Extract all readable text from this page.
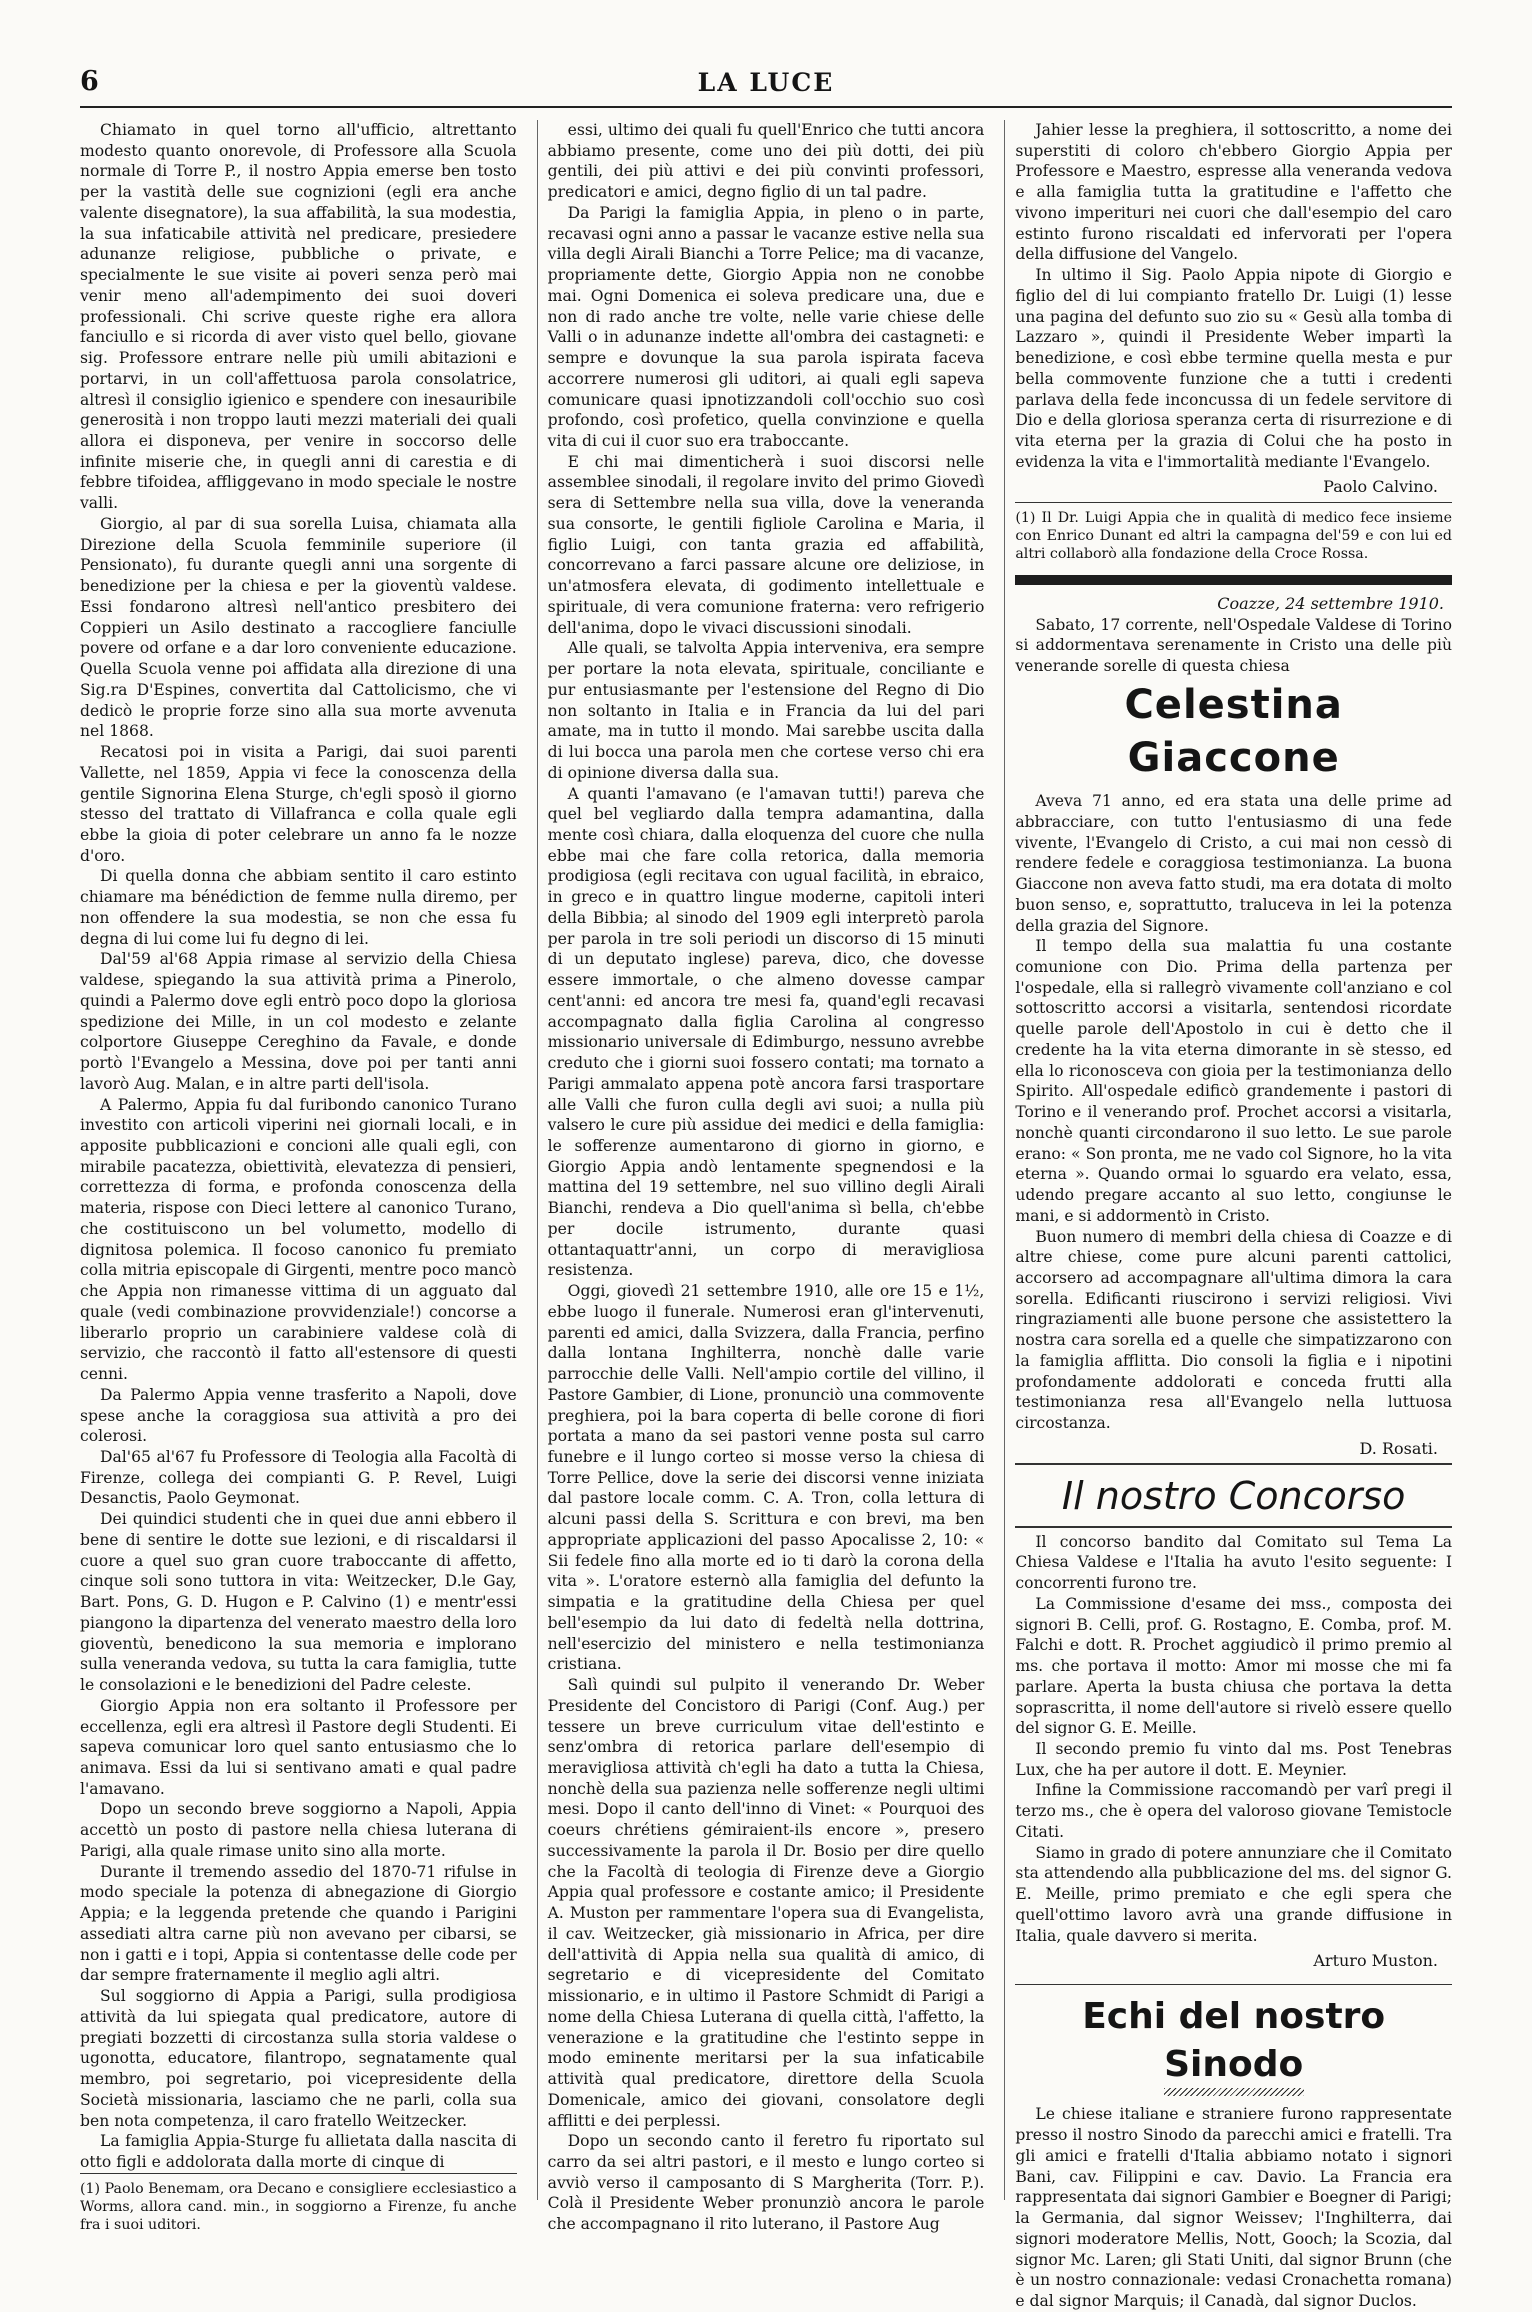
6	LA LUCE

Chiamato in quel torno all'ufficio, altrettanto modesto quanto onorevole, di Professore alla Scuola normale di Torre P., il nostro Appia emerse ben tosto per la vastità delle sue cognizioni (egli era anche valente disegnatore), la sua affabilità, la sua modestia, la sua infaticabile attività nel predicare, presiedere adunanze religiose, pubbliche o private, e specialmente le sue visite ai poveri senza però mai venir meno all'adempimento dei suoi doveri professionali. Chi scrive queste righe era allora fanciullo e si ricorda di aver visto quel bello, giovane sig. Professore entrare nelle più umili abitazioni e portarvi, in un coll'affettuosa parola consolatrice, altresì il consiglio igienico e spendere con inesauribile generosità i non troppo lauti mezzi materiali dei quali allora ei disponeva, per venire in soccorso delle infinite miserie che, in quegli anni di carestia e di febbre tifoidea, affliggevano in modo speciale le nostre valli.

Giorgio, al par di sua sorella Luisa, chiamata alla Direzione della Scuola femminile superiore (il Pensionato), fu durante quegli anni una sorgente di benedizione per la chiesa e per la gioventù valdese. Essi fondarono altresì nell'antico presbitero dei Coppieri un Asilo destinato a raccogliere fanciulle povere od orfane e a dar loro conveniente educazione. Quella Scuola venne poi affidata alla direzione di una Sig.ra D'Espines, convertita dal Cattolicismo, che vi dedicò le proprie forze sino alla sua morte avvenuta nel 1868.

Recatosi poi in visita a Parigi, dai suoi parenti Vallette, nel 1859, Appia vi fece la conoscenza della gentile Signorina Elena Sturge, ch'egli sposò il giorno stesso del trattato di Villafranca e colla quale egli ebbe la gioia di poter celebrare un anno fa le nozze d'oro.

Di quella donna che abbiam sentito il caro estinto chiamare ma bénédiction de femme nulla diremo, per non offendere la sua modestia, se non che essa fu degna di lui come lui fu degno di lei.

Dal'59 al'68 Appia rimase al servizio della Chiesa valdese, spiegando la sua attività prima a Pinerolo, quindi a Palermo dove egli entrò poco dopo la gloriosa spedizione dei Mille, in un col modesto e zelante colportore Giuseppe Cereghino da Favale, e donde portò l'Evangelo a Messina, dove poi per tanti anni lavorò Aug. Malan, e in altre parti dell'isola.

A Palermo, Appia fu dal furibondo canonico Turano investito con articoli viperini nei giornali locali, e in apposite pubblicazioni e concioni alle quali egli, con mirabile pacatezza, obiettività, elevatezza di pensieri, correttezza di forma, e profonda conoscenza della materia, rispose con Dieci lettere al canonico Turano, che costituiscono un bel volumetto, modello di dignitosa polemica. Il focoso canonico fu premiato colla mitria episcopale di Girgenti, mentre poco mancò che Appia non rimanesse vittima di un agguato dal quale (vedi combinazione provvidenziale!) concorse a liberarlo proprio un carabiniere valdese colà di servizio, che raccontò il fatto all'estensore di questi cenni.

Da Palermo Appia venne trasferito a Napoli, dove spese anche la coraggiosa sua attività a pro dei colerosi.

Dal'65 al'67 fu Professore di Teologia alla Facoltà di Firenze, collega dei compianti G. P. Revel, Luigi Desanctis, Paolo Geymonat.

Dei quindici studenti che in quei due anni ebbero il bene di sentire le dotte sue lezioni, e di riscaldarsi il cuore a quel suo gran cuore traboccante di affetto, cinque soli sono tuttora in vita: Weitzecker, D.le Gay, Bart. Pons, G. D. Hugon e P. Calvino (1) e mentr'essi piangono la dipartenza del venerato maestro della loro gioventù, benedicono la sua memoria e implorano sulla veneranda vedova, su tutta la cara famiglia, tutte le consolazioni e le benedizioni del Padre celeste.

Giorgio Appia non era soltanto il Professore per eccellenza, egli era altresì il Pastore degli Studenti. Ei sapeva comunicar loro quel santo entusiasmo che lo animava. Essi da lui si sentivano amati e qual padre l'amavano.

Dopo un secondo breve soggiorno a Napoli, Appia accettò un posto di pastore nella chiesa luterana di Parigi, alla quale rimase unito sino alla morte.

Durante il tremendo assedio del 1870-71 rifulse in modo speciale la potenza di abnegazione di Giorgio Appia; e la leggenda pretende che quando i Parigini assediati altra carne più non avevano per cibarsi, se non i gatti e i topi, Appia si contentasse delle code per dar sempre fraternamente il meglio agli altri.

Sul soggiorno di Appia a Parigi, sulla prodigiosa attività da lui spiegata qual predicatore, autore di pregiati bozzetti di circostanza sulla storia valdese o ugonotta, educatore, filantropo, segnatamente qual membro, poi segretario, poi vicepresidente della Società missionaria, lasciamo che ne parli, colla sua ben nota competenza, il caro fratello Weitzecker.

La famiglia Appia-Sturge fu allietata dalla nascita di otto figli e addolorata dalla morte di cinque di

(1) Paolo Benemam, ora Decano e consigliere ecclesiastico a Worms, allora cand. min., in soggiorno a Firenze, fu anche fra i suoi uditori.

essi, ultimo dei quali fu quell'Enrico che tutti ancora abbiamo presente, come uno dei più dotti, dei più gentili, dei più attivi e dei più convinti professori, predicatori e amici, degno figlio di un tal padre.

Da Parigi la famiglia Appia, in pleno o in parte, recavasi ogni anno a passar le vacanze estive nella sua villa degli Airali Bianchi a Torre Pelice; ma di vacanze, propriamente dette, Giorgio Appia non ne conobbe mai. Ogni Domenica ei soleva predicare una, due e non di rado anche tre volte, nelle varie chiese delle Valli o in adunanze indette all'ombra dei castagneti: e sempre e dovunque la sua parola ispirata faceva accorrere numerosi gli uditori, ai quali egli sapeva comunicare quasi ipnotizzandoli coll'occhio suo così profondo, così profetico, quella convinzione e quella vita di cui il cuor suo era traboccante.

E chi mai dimenticherà i suoi discorsi nelle assemblee sinodali, il regolare invito del primo Giovedì sera di Settembre nella sua villa, dove la veneranda sua consorte, le gentili figliole Carolina e Maria, il figlio Luigi, con tanta grazia ed affabilità, concorrevano a farci passare alcune ore deliziose, in un'atmosfera elevata, di godimento intellettuale e spirituale, di vera comunione fraterna: vero refrigerio dell'anima, dopo le vivaci discussioni sinodali.

Alle quali, se talvolta Appia interveniva, era sempre per portare la nota elevata, spirituale, conciliante e pur entusiasmante per l'estensione del Regno di Dio non soltanto in Italia e in Francia da lui del pari amate, ma in tutto il mondo. Mai sarebbe uscita dalla di lui bocca una parola men che cortese verso chi era di opinione diversa dalla sua.

A quanti l'amavano (e l'amavan tutti!) pareva che quel bel vegliardo dalla tempra adamantina, dalla mente così chiara, dalla eloquenza del cuore che nulla ebbe mai che fare colla retorica, dalla memoria prodigiosa (egli recitava con ugual facilità, in ebraico, in greco e in quattro lingue moderne, capitoli interi della Bibbia; al sinodo del 1909 egli interpretò parola per parola in tre soli periodi un discorso di 15 minuti di un deputato inglese) pareva, dico, che dovesse essere immortale, o che almeno dovesse campar cent'anni: ed ancora tre mesi fa, quand'egli recavasi accompagnato dalla figlia Carolina al congresso missionario universale di Edimburgo, nessuno avrebbe creduto che i giorni suoi fossero contati; ma tornato a Parigi ammalato appena potè ancora farsi trasportare alle Valli che furon culla degli avi suoi; a nulla più valsero le cure più assidue dei medici e della famiglia: le sofferenze aumentarono di giorno in giorno, e Giorgio Appia andò lentamente spegnendosi e la mattina del 19 settembre, nel suo villino degli Airali Bianchi, rendeva a Dio quell'anima sì bella, ch'ebbe per docile istrumento, durante quasi ottantaquattr'anni, un corpo di meravigliosa resistenza.

Oggi, giovedì 21 settembre 1910, alle ore 15 e 1½, ebbe luogo il funerale. Numerosi eran gl'intervenuti, parenti ed amici, dalla Svizzera, dalla Francia, perfino dalla lontana Inghilterra, nonchè dalle varie parrocchie delle Valli. Nell'ampio cortile del villino, il Pastore Gambier, di Lione, pronunciò una commovente preghiera, poi la bara coperta di belle corone di fiori portata a mano da sei pastori venne posta sul carro funebre e il lungo corteo si mosse verso la chiesa di Torre Pellice, dove la serie dei discorsi venne iniziata dal pastore locale comm. C. A. Tron, colla lettura di alcuni passi della S. Scrittura e con brevi, ma ben appropriate applicazioni del passo Apocalisse 2, 10: « Sii fedele fino alla morte ed io ti darò la corona della vita ». L'oratore esternò alla famiglia del defunto la simpatia e la gratitudine della Chiesa per quel bell'esempio da lui dato di fedeltà nella dottrina, nell'esercizio del ministero e nella testimonianza cristiana.

Salì quindi sul pulpito il venerando Dr. Weber Presidente del Concistoro di Parigi (Conf. Aug.) per tessere un breve curriculum vitae dell'estinto e senz'ombra di retorica parlare dell'esempio di meravigliosa attività ch'egli ha dato a tutta la Chiesa, nonchè della sua pazienza nelle sofferenze negli ultimi mesi. Dopo il canto dell'inno di Vinet: « Pourquoi des coeurs chrétiens gémiraient-ils encore », presero successivamente la parola il Dr. Bosio per dire quello che la Facoltà di teologia di Firenze deve a Giorgio Appia qual professore e costante amico; il Presidente A. Muston per rammentare l'opera sua di Evangelista, il cav. Weitzecker, già missionario in Africa, per dire dell'attività di Appia nella sua qualità di amico, di segretario e di vicepresidente del Comitato missionario, e in ultimo il Pastore Schmidt di Parigi a nome della Chiesa Luterana di quella città, l'affetto, la venerazione e la gratitudine che l'estinto seppe in modo eminente meritarsi per la sua infaticabile attività qual predicatore, direttore della Scuola Domenicale, amico dei giovani, consolatore degli afflitti e dei perplessi.

Dopo un secondo canto il feretro fu riportato sul carro da sei altri pastori, e il mesto e lungo corteo si avviò verso il camposanto di S Margherita (Torr. P.). Colà il Presidente Weber pronunziò ancora le parole che accompagnano il rito luterano, il Pastore Aug

Jahier lesse la preghiera, il sottoscritto, a nome dei superstiti di coloro ch'ebbero Giorgio Appia per Professore e Maestro, espresse alla veneranda vedova e alla famiglia tutta la gratitudine e l'affetto che vivono imperituri nei cuori che dall'esempio del caro estinto furono riscaldati ed infervorati per l'opera della diffusione del Vangelo.

In ultimo il Sig. Paolo Appia nipote di Giorgio e figlio del di lui compianto fratello Dr. Luigi (1) lesse una pagina del defunto suo zio su « Gesù alla tomba di Lazzaro », quindi il Presidente Weber impartì la benedizione, e così ebbe termine quella mesta e pur bella commovente funzione che a tutti i credenti parlava della fede inconcussa di un fedele servitore di Dio e della gloriosa speranza certa di risurrezione e di vita eterna per la grazia di Colui che ha posto in evidenza la vita e l'immortalità mediante l'Evangelo.

Paolo Calvino.

(1) Il Dr. Luigi Appia che in qualità di medico fece insieme con Enrico Dunant ed altri la campagna del'59 e con lui ed altri collaborò alla fondazione della Croce Rossa.

Coazze, 24 settembre 1910.

Sabato, 17 corrente, nell'Ospedale Valdese di Torino si addormentava serenamente in Cristo una delle più venerande sorelle di questa chiesa

Celestina Giaccone

Aveva 71 anno, ed era stata una delle prime ad abbracciare, con tutto l'entusiasmo di una fede vivente, l'Evangelo di Cristo, a cui mai non cessò di rendere fedele e coraggiosa testimonianza. La buona Giaccone non aveva fatto studi, ma era dotata di molto buon senso, e, soprattutto, traluceva in lei la potenza della grazia del Signore.

Il tempo della sua malattia fu una costante comunione con Dio. Prima della partenza per l'ospedale, ella si rallegrò vivamente coll'anziano e col sottoscritto accorsi a visitarla, sentendosi ricordate quelle parole dell'Apostolo in cui è detto che il credente ha la vita eterna dimorante in sè stesso, ed ella lo riconosceva con gioia per la testimonianza dello Spirito. All'ospedale edificò grandemente i pastori di Torino e il venerando prof. Prochet accorsi a visitarla, nonchè quanti circondarono il suo letto. Le sue parole erano: « Son pronta, me ne vado col Signore, ho la vita eterna ». Quando ormai lo sguardo era velato, essa, udendo pregare accanto al suo letto, congiunse le mani, e si addormentò in Cristo.

Buon numero di membri della chiesa di Coazze e di altre chiese, come pure alcuni parenti cattolici, accorsero ad accompagnare all'ultima dimora la cara sorella. Edificanti riuscirono i servizi religiosi. Vivi ringraziamenti alle buone persone che assistettero la nostra cara sorella ed a quelle che simpatizzarono con la famiglia afflitta. Dio consoli la figlia e i nipotini profondamente addolorati e conceda frutti alla testimonianza resa all'Evangelo nella luttuosa circostanza.

D. Rosati.
Il nostro Concorso

Il concorso bandito dal Comitato sul Tema La Chiesa Valdese e l'Italia ha avuto l'esito seguente: I concorrenti furono tre.

La Commissione d'esame dei mss., composta dei signori B. Celli, prof. G. Rostagno, E. Comba, prof. M. Falchi e dott. R. Prochet aggiudicò il primo premio al ms. che portava il motto: Amor mi mosse che mi fa parlare. Aperta la busta chiusa che portava la detta soprascritta, il nome dell'autore si rivelò essere quello del signor G. E. Meille.

Il secondo premio fu vinto dal ms. Post Tenebras Lux, che ha per autore il dott. E. Meynier.

Infine la Commissione raccomandò per varî pregi il terzo ms., che è opera del valoroso giovane Temistocle Citati.

Siamo in grado di potere annunziare che il Comitato sta attendendo alla pubblicazione del ms. del signor G. E. Meille, primo premiato e che egli spera che quell'ottimo lavoro avrà una grande diffusione in Italia, quale davvero si merita.

Arturo Muston.
Echi del nostro Sinodo

Le chiese italiane e straniere furono rappresentate presso il nostro Sinodo da parecchi amici e fratelli. Tra gli amici e fratelli d'Italia abbiamo notato i signori Bani, cav. Filippini e cav. Davio. La Francia era rappresentata dai signori Gambier e Boegner di Parigi; la Germania, dal signor Weissev; l'Inghilterra, dai signori moderatore Mellis, Nott, Gooch; la Scozia, dal signor Mc. Laren; gli Stati Uniti, dal signor Brunn (che è un nostro connazionale: vedasi Cronachetta romana) e dal signor Marquis; il Canadà, dal signor Duclos.
